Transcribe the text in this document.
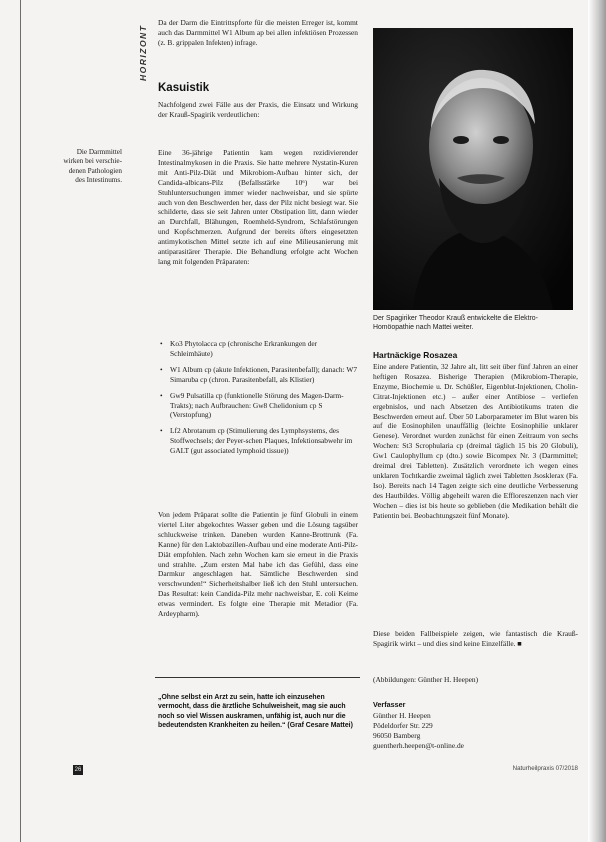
HORIZONT

Da der Darm die Eintrittspforte für die meisten Erreger ist, kommt auch das Darmmittel W1 Album ap bei allen infektiösen Prozessen (z. B. grippalen Infekten) infrage.

Kasuistik

Nachfolgend zwei Fälle aus der Praxis, die Einsatz und Wirkung der Krauß-Spagirik verdeutlichen:

Die Darmmittel
wirken bei verschie-
denen Pathologien
des Intestinums.

Eine 36-jährige Patientin kam wegen rezidivierender Intestinalmykosen in die Praxis. Sie hatte mehrere Nystatin-Kuren mit Anti-Pilz-Diät und Mikrobiom-Aufbau hinter sich, der Candida-albicans-Pilz (Befallsstärke 10⁶) war bei Stuhluntersuchungen immer wieder nachweisbar, und sie spürte auch von den Beschwerden her, dass der Pilz nicht besiegt war. Sie schilderte, dass sie seit Jahren unter Obstipation litt, dann wieder an Durchfall, Blähungen, Roemheld-Syndrom, Schlafstörungen und Kopfschmerzen. Aufgrund der bereits öfters eingesetzten antimykotischen Mittel setzte ich auf eine Milieusanierung mit antiparasitärer Therapie. Die Behandlung erfolgte acht Wochen lang mit folgenden Präparaten:

• Ko3 Phytolacca cp (chronische Erkrankungen der Schleimhäute)
• W1 Album cp (akute Infektionen, Parasitenbefall); danach: W7 Simaruba cp (chron. Parasitenbefall, als Klistier)
• Gw9 Pulsatilla cp (funktionelle Störung des Magen-Darm-Trakts); nach Aufbrauchen: Gw8 Chelidonium cp S (Verstopfung)
• Lf2 Abrotanum cp (Stimulierung des Lymphsystems, des Stoffwechsels; der Peyer-schen Plaques, Infektionsabwehr im GALT (gut associated lymphoid tissue))

Von jedem Präparat sollte die Patientin je fünf Globuli in einem viertel Liter abgekochtes Wasser geben und die Lösung tagsüber schluckweise trinken. Daneben wurden Kanne-Brottrunk (Fa. Kanne) für den Laktobazillen-Aufbau und eine moderate Anti-Pilz-Diät empfohlen. Nach zehn Wochen kam sie erneut in die Praxis und strahlte. „Zum ersten Mal habe ich das Gefühl, dass eine Darmkur angeschlagen hat. Sämtliche Beschwerden sind verschwunden!“ Sicherheitshalber ließ ich den Stuhl untersuchen. Das Resultat: kein Candida-Pilz mehr nachweisbar, E. coli Keime etwas vermindert. Es folgte eine Therapie mit Metadior (Fa. Ardeypharm).

„Ohne selbst ein Arzt zu sein, hatte ich einzusehen vermocht, dass die ärztliche Schulweisheit, mag sie auch noch so viel Wissen auskramen, unfähig ist, auch nur die bedeutendsten Krankheiten zu heilen.“ (Graf Cesare Mattei)

26
Der Spagiriker Theodor Krauß entwickelte die Elektro-Homöopathie nach Mattei weiter.
Hartnäckige Rosazea

Eine andere Patientin, 32 Jahre alt, litt seit über fünf Jahren an einer heftigen Rosazea. Bisherige Therapien (Mikrobiom-Therapie, Enzyme, Biochemie u. Dr. Schüßler, Eigenblut-Injektionen, Cholin-Citrat-Injektionen etc.) – außer einer Antibiose – verliefen ergebnislos, und nach Absetzen des Antibiotikums traten die Beschwerden erneut auf. Über 50 Laborparameter im Blut waren bis auf die Eosinophilen unauffällig (leichte Eosinophilie unklarer Genese). Verordnet wurden zunächst für einen Zeitraum von sechs Wochen: St3 Scrophularia cp (dreimal täglich 15 bis 20 Globuli), Gw1 Caulophyllum cp (dto.) sowie Bicompex Nr. 3 (Darmmittel; dreimal drei Tabletten). Zusätzlich verordnete ich wegen eines unklaren Tochtkardie zweimal täglich zwei Tabletten Jsosklerax (Fa. Iso). Bereits nach 14 Tagen zeigte sich eine deutliche Verbesserung des Hautbildes. Völlig abgeheilt waren die Effloreszenzen nach vier Wochen – dies ist bis heute so geblieben (die Medikation behält die Patientin bei. Beobachtungszeit fünf Monate).

Diese beiden Fallbeispiele zeigen, wie fantastisch die Krauß-Spagirik wirkt – und dies sind keine Einzelfälle. ■

(Abbildungen: Günther H. Heepen)

Verfasser
Günther H. Heepen
Pödeldorfer Str. 229
96050 Bamberg
guentherh.heepen@t-online.de
Naturheilpraxis 07/2018
